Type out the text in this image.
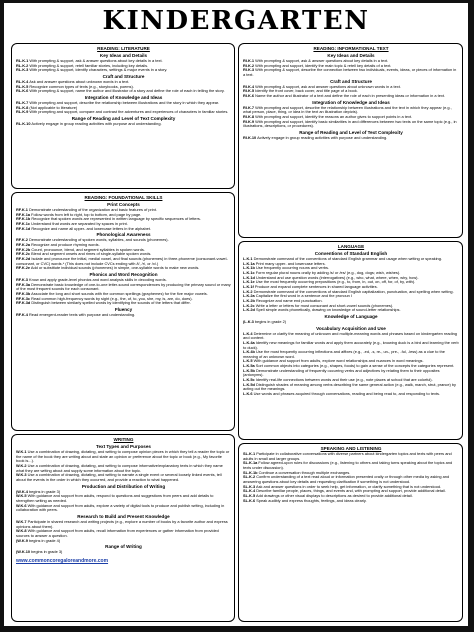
KINDERGARTEN
READING: LITERATURE
Key Ideas and Details
RL.K.1 With prompting & support, ask & answer questions about key details in a text.
RL.K.2 With prompting & support, retell familiar stories, including key details.
RL.K.3 With prompting & support, identify characters, settings & major events in a story.
Craft and Structure
RL.K.4 Ask and answer questions about unknown words in a text.
RL.K.5 Recognize common types of texts (e.g., storybooks, poems).
RL.K.6 With prompting & support, name the author and illustrator of a story and define the role of each in telling the story.
Integration of Knowledge and Ideas
RL.K.7 With prompting and support, describe the relationship between illustrations and the story in which they appear.
RL.K.8 (Not applicable to literature)
RL.K.9 With prompting and support, compare and contrast the adventures and experiences of characters in familiar stories.
Range of Reading and Level of Text Complexity
RL.K.10 Actively engage in group reading activities with purpose and understanding.
READING: INFORMATIONAL TEXT
Key Ideas and Details
RI.K.1 With prompting & support, ask & answer questions about key details in a text.
RI.K.2 With prompting and support, identify the main topic & retell key details of a text.
RI.K.3 With prompting & support, describe the connection between two individuals, events, ideas, or pieces of information in a text.
Craft and Structure
RI.K.4 With prompting & support, ask and answer questions about unknown words in a text.
RI.K.5 Identify the front cover, back cover, and title page of a book.
RI.K.6 Name the author and illustrator of a text and define the role of each in presenting ideas or information in a text.
Integration of Knowledge and Ideas
RI.K.7 With prompting and support, describe the relationship between illustrations and the text in which they appear (e.g., what person, place, thing, or idea in the text an illustration depicts).
RI.K.8 With prompting and support, identify the reasons an author gives to support points in a text.
RI.K.9 With prompting and support, identify basic similarities in and differences between two texts on the same topic (e.g., in illustrations, descriptions, or procedures).
Range of Reading and Level of Text Complexity
RI.K.10 Actively engage in group reading activities with purpose and understanding.
READING: FOUNDATIONAL SKILLS
Print Concepts
RF.K.1 Demonstrate understanding of the organization and basic features of print.
RF.K.1a Follow words from left to right, top to bottom, and page by page.
RF.K.1b Recognize that spoken words are represented in written language by specific sequences of letters.
RF.K.1c Understand that words are separated by spaces in print.
RF.K.1d Recognize and name all upper- and lowercase letters in the alphabet.
Phonological Awareness
RF.K.2 Demonstrate understanding of spoken words, syllables, and sounds (phonemes).
RF.K.2a Recognize and produce rhyming words.
RF.K.2b Count, pronounce, blend, and segment syllables in spoken words.
RF.K.2c Blend and segment onsets and rimes of single-syllable spoken words.
RF.K.2d Isolate and pronounce the initial, medial vowel, and final sounds (phonemes) in three-phoneme (consonant-vowel-consonant, or CVC) words.* (This does not include CVCs ending with /l/, /r/, or /x/.)
RF.K.2e Add or substitute individual sounds (phonemes) in simple, one-syllable words to make new words.
Phonics and Word Recognition
RF.K.3 Know and apply grade-level phonics and word analysis skills in decoding words.
RF.K.3a Demonstrate basic knowledge of one-to-one letter-sound correspondences by producing the primary sound or many of the most frequent sounds for each consonant.
RF.K.3b Associate the long and short sounds with the common spellings (graphemes) for the five major vowels.
RF.K.3c Read common high-frequency words by sight (e.g., the, of, to, you, she, my, is, are, do, does).
RF.K.3d Distinguish between similarly spelled words by identifying the sounds of the letters that differ.
Fluency
RF.K.4 Read emergent-reader texts with purpose and understanding.
LANGUAGE
Conventions of Standard English
L.K.1 Demonstrate command of the conventions of standard English grammar and usage when writing or speaking.
L.K.1a Print many upper- and lowercase letters.
L.K.1b Use frequently occurring nouns and verbs.
L.K.1c Form regular plural nouns orally by adding /s/ or /es/ (e.g., dog, dogs; wish, wishes).
L.K.1d Understand and use question words (interrogatives) (e.g., who, what, where, when, why, how).
L.K.1e Use the most frequently occurring prepositions (e.g., to, from, in, out, on, off, for, of, by, with).
L.K.1f Produce and expand complete sentences in shared language activities.
L.K.2 Demonstrate command of the conventions of standard English capitalization, punctuation, and spelling when writing.
L.K.2a Capitalize the first word in a sentence and the pronoun I
L.K.2b Recognize and name end punctuation.
L.K.2c Write a letter or letters for most consonant and short-vowel sounds (phonemes).
L.K.2d Spell simple words phonetically, drawing on knowledge of sound-letter relationships.
Knowledge of Language
(L.K.3 begins in grade 2)
Vocabulary Acquisition and Use
L.K.4 Determine or clarify the meaning of unknown and multiple-meaning words and phrases based on kindergarten reading and content.
L.K.4a Identify new meanings for familiar words and apply them accurately (e.g., knowing duck is a bird and learning the verb to duck).
L.K.4b Use the most frequently occurring inflections and affixes (e.g., -ed, -s, re-, un-, pre-, -ful, -less) as a clue to the meaning of an unknown word.
L.K.5 With guidance and support from adults, explore word relationships and nuances in word meanings.
L.K.5a Sort common objects into categories (e.g., shapes, foods) to gain a sense of the concepts the categories represent.
L.K.5b Demonstrate understanding of frequently occurring verbs and adjectives by relating them to their opposites (antonyms).
L.K.5c Identify real-life connections between words and their use (e.g., note places at school that are colorful).
L.K.5d Distinguish shades of meaning among verbs describing the same general action (e.g., walk, march, strut, prance) by acting out the meanings.
L.K.6 Use words and phrases acquired through conversations, reading and being read to, and responding to texts.
WRITING
Text Types and Purposes
W.K.1 Use a combination of drawing, dictating, and writing to compose opinion pieces in which they tell a reader the topic or the name of the book they are writing about and state an opinion or preference about the topic or book (e.g., My favorite book is...).
W.K.2 Use a combination of drawing, dictating, and writing to compose informative/explanatory texts in which they name what they are writing about and supply some information about the topic.
W.K.3 Use a combination of drawing, dictating, and writing to narrate a single event or several loosely linked events, tell about the events in the order in which they occurred, and provide a reaction to what happened.
Production and Distribution of Writing
(W.K.4 begins in grade 3)
W.K.5 With guidance and support from adults, respond to questions and suggestions from peers and add details to strengthen writing as needed.
W.K.6 With guidance and support from adults, explore a variety of digital tools to produce and publish writing, including in collaboration with peers.
Research to Build and Present Knowledge
W.K.7 Participate in shared research and writing projects (e.g., explore a number of books by a favorite author and express opinions about them).
W.K.8 With guidance and support from adults, recall information from experiences or gather information from provided sources to answer a question.
(W.K.9 begins in grade 4)
Range of Writing
(W.K.10 begins in grade 3)
www.commoncoregaloreandmore.com
SPEAKING AND LISTENING
SL.K.1 Participate in collaborative conversations with diverse partners about kindergarten topics and texts with peers and adults in small and larger groups.
SL.K.1a Follow agreed-upon rules for discussions (e.g., listening to others and taking turns speaking about the topics and texts under discussion).
SL.K.1b Continue a conversation through multiple exchanges.
SL.K.2 Confirm understanding of a text read aloud or information presented orally or through other media by asking and answering questions about key details and requesting clarification if something is not understood.
SL.K.3 Ask and answer questions in order to seek help, get information, or clarify something that is not understood.
SL.K.4 Describe familiar people, places, things, and events and, with prompting and support, provide additional detail.
SL.K.5 Add drawings or other visual displays to descriptions as desired to provide additional detail.
SL.K.6 Speak audibly and express thoughts, feelings, and ideas clearly.
